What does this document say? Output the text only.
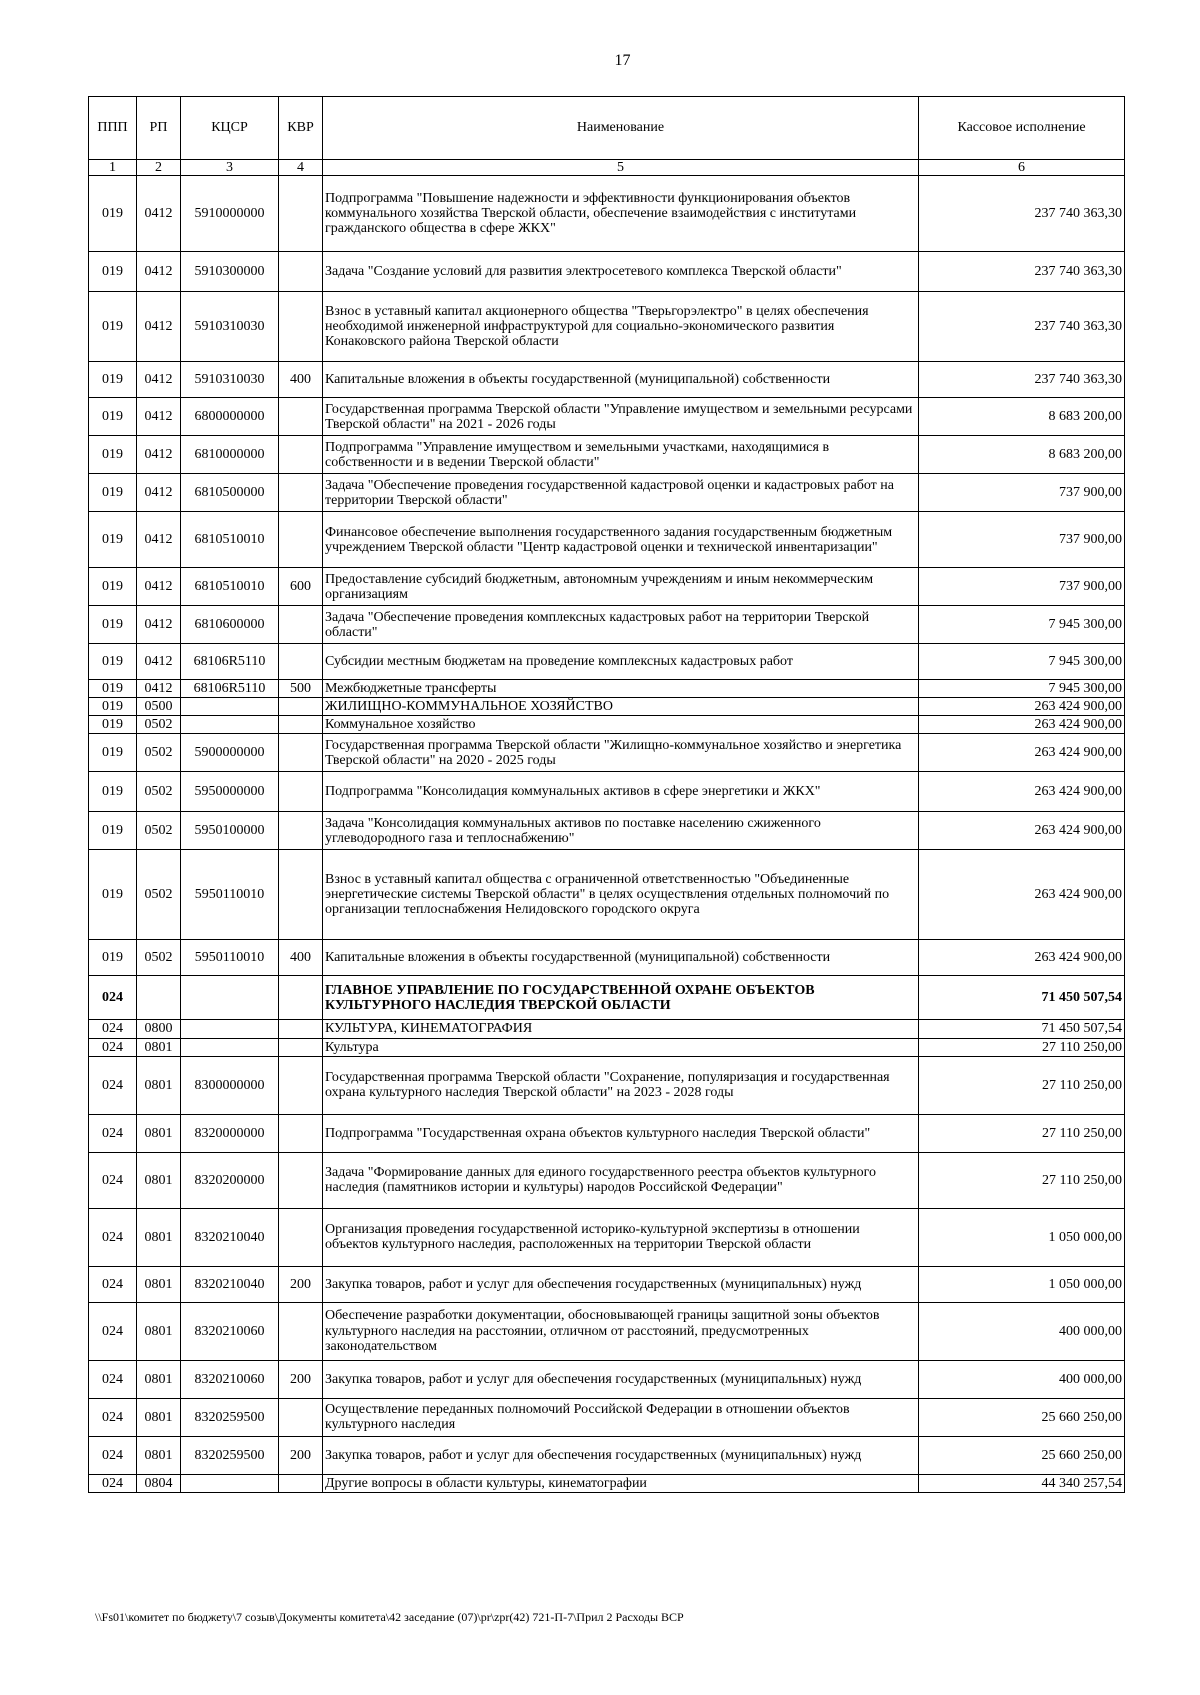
17
ППП	РП	КЦСР	КВР	Наименование	Кассовое исполнение
1	2	3	4	5	6
019	0412	5910000000		Подпрограмма "Повышение надежности и эффективности функционирования объектов коммунального хозяйства Тверской области, обеспечение взаимодействия с институтами гражданского общества в сфере ЖКХ"	237 740 363,30
019	0412	5910300000		Задача "Создание условий для развития электросетевого комплекса Тверской области"	237 740 363,30
019	0412	5910310030		Взнос в уставный капитал акционерного общества "Тверьгорэлектро" в целях обеспечения необходимой инженерной инфраструктурой для социально-экономического развития Конаковского района Тверской области	237 740 363,30
019	0412	5910310030	400	Капитальные вложения в объекты государственной (муниципальной) собственности	237 740 363,30
019	0412	6800000000		Государственная программа Тверской области "Управление имуществом и земельными ресурсами Тверской области" на 2021 - 2026 годы	8 683 200,00
019	0412	6810000000		Подпрограмма "Управление имуществом и земельными участками, находящимися в собственности и в ведении Тверской области"	8 683 200,00
019	0412	6810500000		Задача "Обеспечение проведения государственной кадастровой оценки и кадастровых работ на территории Тверской области"	737 900,00
019	0412	6810510010		Финансовое обеспечение выполнения государственного задания государственным бюджетным учреждением Тверской области "Центр кадастровой оценки и технической инвентаризации"	737 900,00
019	0412	6810510010	600	Предоставление субсидий бюджетным, автономным учреждениям и иным некоммерческим организациям	737 900,00
019	0412	6810600000		Задача "Обеспечение проведения комплексных кадастровых работ на территории Тверской области"	7 945 300,00
019	0412	68106R5110		Субсидии местным бюджетам на проведение комплексных кадастровых работ	7 945 300,00
019	0412	68106R5110	500	Межбюджетные трансферты	7 945 300,00
019	0500			ЖИЛИЩНО-КОММУНАЛЬНОЕ ХОЗЯЙСТВО	263 424 900,00
019	0502			Коммунальное хозяйство	263 424 900,00
019	0502	5900000000		Государственная программа Тверской области "Жилищно-коммунальное хозяйство и энергетика Тверской области" на 2020 - 2025 годы	263 424 900,00
019	0502	5950000000		Подпрограмма "Консолидация коммунальных активов в сфере энергетики и ЖКХ"	263 424 900,00
019	0502	5950100000		Задача "Консолидация коммунальных активов по поставке населению сжиженного углеводородного газа и теплоснабжению"	263 424 900,00
019	0502	5950110010		Взнос в уставный капитал общества с ограниченной ответственностью "Объединенные энергетические системы Тверской области" в целях осуществления отдельных полномочий по организации теплоснабжения Нелидовского городского округа	263 424 900,00
019	0502	5950110010	400	Капитальные вложения в объекты государственной (муниципальной) собственности	263 424 900,00
024				ГЛАВНОЕ УПРАВЛЕНИЕ ПО ГОСУДАРСТВЕННОЙ ОХРАНЕ ОБЪЕКТОВ КУЛЬТУРНОГО НАСЛЕДИЯ ТВЕРСКОЙ ОБЛАСТИ	71 450 507,54
024	0800			КУЛЬТУРА, КИНЕМАТОГРАФИЯ	71 450 507,54
024	0801			Культура	27 110 250,00
024	0801	8300000000		Государственная программа Тверской области "Сохранение, популяризация и государственная охрана культурного наследия Тверской области" на 2023 - 2028 годы	27 110 250,00
024	0801	8320000000		Подпрограмма "Государственная охрана объектов культурного наследия Тверской области"	27 110 250,00
024	0801	8320200000		Задача "Формирование данных для единого государственного реестра объектов культурного наследия (памятников истории и культуры) народов Российской Федерации"	27 110 250,00
024	0801	8320210040		Организация проведения государственной историко-культурной экспертизы в отношении объектов культурного наследия, расположенных на территории Тверской области	1 050 000,00
024	0801	8320210040	200	Закупка товаров, работ и услуг для обеспечения государственных (муниципальных) нужд	1 050 000,00
024	0801	8320210060		Обеспечение разработки документации, обосновывающей границы защитной зоны объектов культурного наследия на расстоянии, отличном от расстояний, предусмотренных законодательством	400 000,00
024	0801	8320210060	200	Закупка товаров, работ и услуг для обеспечения государственных (муниципальных) нужд	400 000,00
024	0801	8320259500		Осуществление переданных полномочий Российской Федерации в отношении объектов культурного наследия	25 660 250,00
024	0801	8320259500	200	Закупка товаров, работ и услуг для обеспечения государственных (муниципальных) нужд	25 660 250,00
024	0804			Другие вопросы в области культуры, кинематографии	44 340 257,54
\\Fs01\комитет по бюджету\7 созыв\Документы комитета\42 заседание (07)\pr\zpr(42) 721-П-7\Прил 2 Расходы ВСР
